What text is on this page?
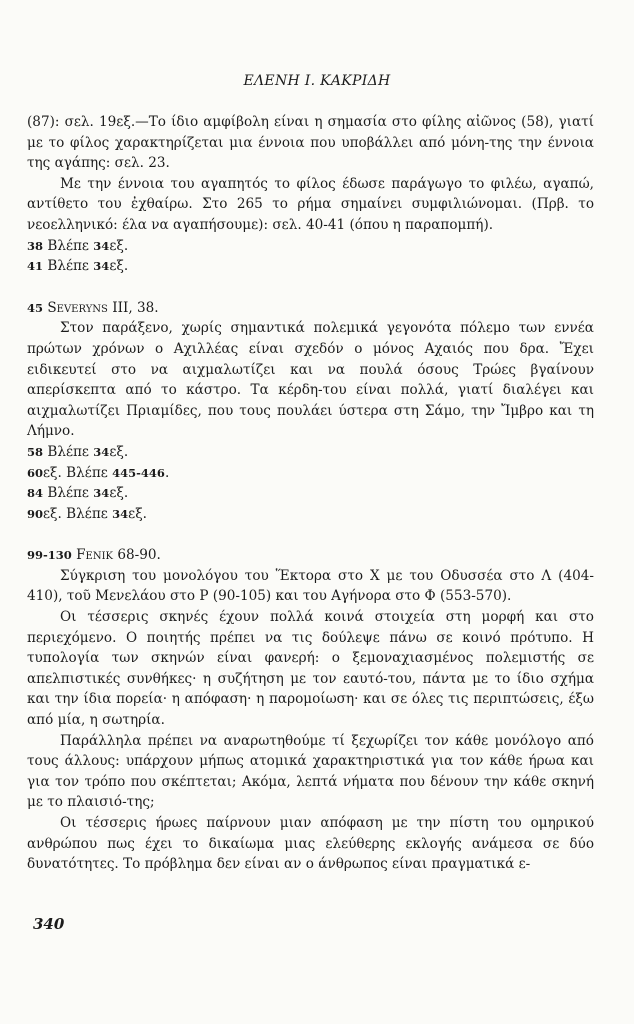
ΕΛΕΝΗ Ι. ΚΑΚΡΙΔΗ
(87): σελ. 19εξ.—Το ίδιο αμφίβολη είναι η σημασία στο φίλης αἰῶνος (58), γιατί με το φίλος χαρακτηρίζεται μια έννοια που υποβάλλει από μόνη-της την έννοια της αγάπης: σελ. 23.
Με την έννοια του αγαπητός το φίλος έδωσε παράγωγο το φιλέω, αγαπώ, αντίθετο του ἐχθαίρω. Στο 265 το ρήμα σημαίνει συμφιλιώνομαι. (Πρβ. το νεοελληνικό: έλα να αγαπήσουμε): σελ. 40-41 (όπου η παραπομπή).
38 Βλέπε 34εξ.
41 Βλέπε 34εξ.
45 Severyns III, 38.
Στον παράξενο, χωρίς σημαντικά πολεμικά γεγονότα πόλεμο των εννέα πρώτων χρόνων ο Αχιλλέας είναι σχεδόν ο μόνος Αχαιός που δρα. Ἔχει ειδικευτεί στο να αιχμαλωτίζει και να πουλά όσους Τρώες βγαίνουν απερίσκεπτα από το κάστρο. Τα κέρδη-του είναι πολλά, γιατί διαλέγει και αιχμαλωτίζει Πριαμίδες, που τους πουλάει ύστερα στη Σάμο, την Ἴμβρο και τη Λήμνο.
58 Βλέπε 34εξ.
60εξ. Βλέπε 445-446.
84 Βλέπε 34εξ.
90εξ. Βλέπε 34εξ.
99-130 Fenik 68-90.
Σύγκριση του μονολόγου του Ἕκτορα στο Χ με του Οδυσσέα στο Λ (404-410), τοῦ Μενελάου στο Ρ (90-105) και του Αγήνορα στο Φ (553-570).
Οι τέσσερις σκηνές έχουν πολλά κοινά στοιχεία στη μορφή και στο περιεχόμενο. Ο ποιητής πρέπει να τις δούλεψε πάνω σε κοινό πρότυπο. Η τυπολογία των σκηνών είναι φανερή: ο ξεμοναχιασμένος πολεμιστής σε απελπιστικές συνθήκες· η συζήτηση με τον εαυτό-του, πάντα με το ίδιο σχήμα και την ίδια πορεία· η απόφαση· η παρομοίωση· και σε όλες τις περιπτώσεις, έξω από μία, η σωτηρία.
Παράλληλα πρέπει να αναρωτηθούμε τί ξεχωρίζει τον κάθε μονόλογο από τους άλλους: υπάρχουν μήπως ατομικά χαρακτηριστικά για τον κάθε ήρωα και για τον τρόπο που σκέπτεται; Ακόμα, λεπτά νήματα που δένουν την κάθε σκηνή με το πλαισιό-της;
Οι τέσσερις ήρωες παίρνουν μιαν απόφαση με την πίστη του ομηρικού ανθρώπου πως έχει το δικαίωμα μιας ελεύθερης εκλογής ανάμεσα σε δύο δυνατότητες. Το πρόβλημα δεν είναι αν ο άνθρωπος είναι πραγματικά ε-
340
